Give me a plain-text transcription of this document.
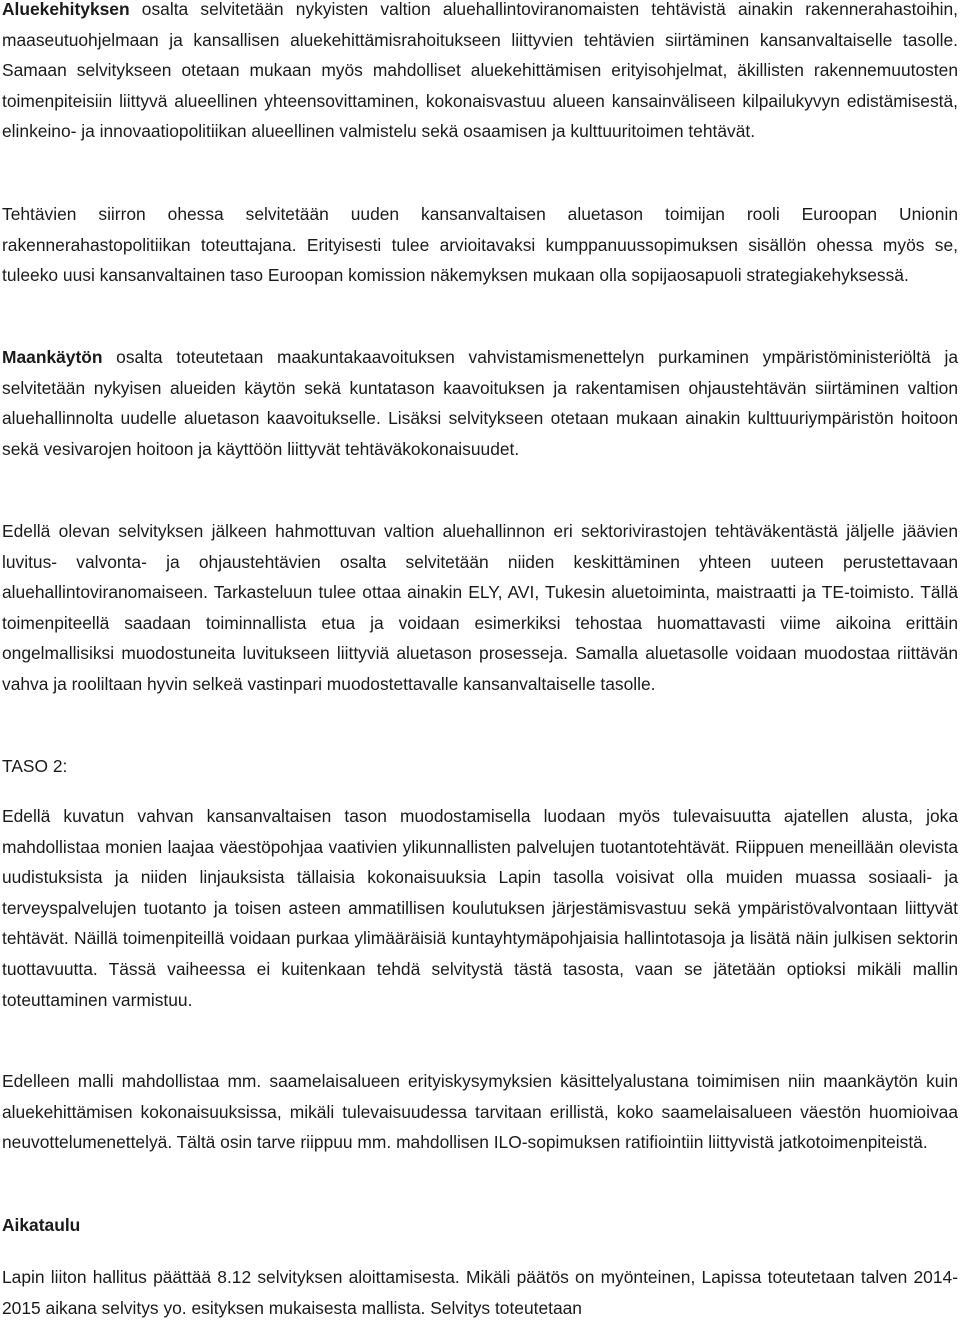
Aluekehityksen osalta selvitetään nykyisten valtion aluehallintoviranomaisten tehtävistä ainakin rakennerahastoihin, maaseutuohjelmaan ja kansallisen aluekehittämisrahoitukseen liittyvien tehtävien siirtäminen kansanvaltaiselle tasolle. Samaan selvitykseen otetaan mukaan myös mahdolliset aluekehittämisen erityisohjelmat, äkillisten rakennemuutosten toimenpiteisiin liittyvä alueellinen yhteensovittaminen, kokonaisvastuu alueen kansainväliseen kilpailukyvyn edistämisestä, elinkeino- ja innovaatiopolitiikan alueellinen valmistelu sekä osaamisen ja kulttuuritoimen tehtävät.

Tehtävien siirron ohessa selvitetään uuden kansanvaltaisen aluetason toimijan rooli Euroopan Unionin rakennerahastopolitiikan toteuttajana. Erityisesti tulee arvioitavaksi kumppanuussopimuksen sisällön ohessa myös se, tuleeko uusi kansanvaltainen taso Euroopan komission näkemyksen mukaan olla sopijaosapuoli strategiakehyksessä.

Maankäytön osalta toteutetaan maakuntakaavoituksen vahvistamismenettelyn purkaminen ympäristöministeriöltä ja selvitetään nykyisen alueiden käytön sekä kuntatason kaavoituksen ja rakentamisen ohjaustehtävän siirtäminen valtion aluehallinnolta uudelle aluetason kaavoitukselle. Lisäksi selvitykseen otetaan mukaan ainakin kulttuuriympäristön hoitoon sekä vesivarojen hoitoon ja käyttöön liittyvät tehtäväkokonaisuudet.

Edellä olevan selvityksen jälkeen hahmottuvan valtion aluehallinnon eri sektorivirastojen tehtäväkentästä jäljelle jäävien luvitus- valvonta- ja ohjaustehtävien osalta selvitetään niiden keskittäminen yhteen uuteen perustettavaan aluehallintoviranomaiseen. Tarkasteluun tulee ottaa ainakin ELY, AVI, Tukesin aluetoiminta, maistraatti ja TE-toimisto. Tällä toimenpiteellä saadaan toiminnallista etua ja voidaan esimerkiksi tehostaa huomattavasti viime aikoina erittäin ongelmallisiksi muodostuneita luvitukseen liittyviä aluetason prosesseja. Samalla aluetasolle voidaan muodostaa riittävän vahva ja rooliltaan hyvin selkeä vastinpari muodostettavalle kansanvaltaiselle tasolle.

TASO 2:

Edellä kuvatun vahvan kansanvaltaisen tason muodostamisella luodaan myös tulevaisuutta ajatellen alusta, joka mahdollistaa monien laajaa väestöpohjaa vaativien ylikunnallisten palvelujen tuotantotehtävät. Riippuen meneillään olevista uudistuksista ja niiden linjauksista tällaisia kokonaisuuksia Lapin tasolla voisivat olla muiden muassa sosiaali- ja terveyspalvelujen tuotanto ja toisen asteen ammatillisen koulutuksen järjestämisvastuu sekä ympäristövalvontaan liittyvät tehtävät. Näillä toimenpiteillä voidaan purkaa ylimääräisiä kuntayhtymäpohjaisia hallintotasoja ja lisätä näin julkisen sektorin tuottavuutta. Tässä vaiheessa ei kuitenkaan tehdä selvitystä tästä tasosta, vaan se jätetään optioksi mikäli mallin toteuttaminen varmistuu.

Edelleen malli mahdollistaa mm. saamelaisalueen erityiskysymyksien käsittelyalustana toimimisen niin maankäytön kuin aluekehittämisen kokonaisuuksissa, mikäli tulevaisuudessa tarvitaan erillistä, koko saamelaisalueen väestön huomioivaa neuvottelumenettelyä. Tältä osin tarve riippuu mm. mahdollisen ILO-sopimuksen ratifiointiin liittyvistä jatkotoimenpiteistä.

Aikataulu

Lapin liiton hallitus päättää 8.12 selvityksen aloittamisesta. Mikäli päätös on myönteinen, Lapissa toteutetaan talven 2014-2015 aikana selvitys yo. esityksen mukaisesta mallista. Selvitys toteutetaan
